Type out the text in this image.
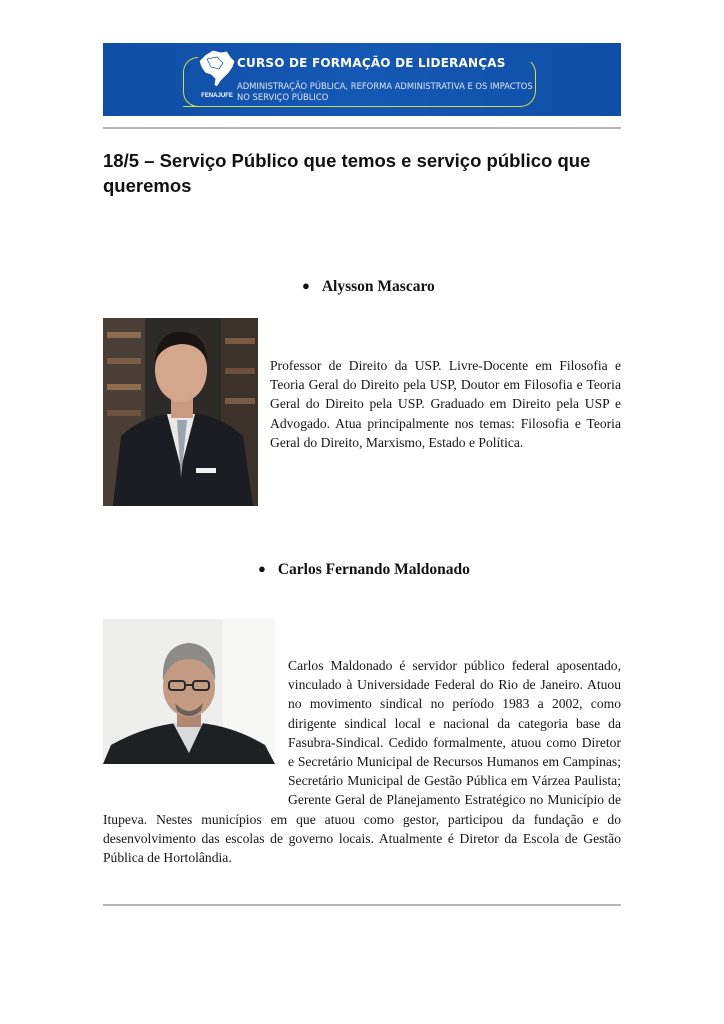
FENAJUFE
CURSO DE FORMAÇÃO DE LIDERANÇAS
ADMINISTRAÇÃO PÚBLICA, REFORMA ADMINISTRATIVA E OS IMPACTOS NO SERVIÇO PÚBLICO
18/5 – Serviço Público que temos e serviço público que queremos
● Alysson Mascaro
Professor de Direito da USP. Livre-Docente em Filosofia e Teoria Geral do Direito pela USP, Doutor em Filosofia e Teoria Geral do Direito pela USP. Graduado em Direito pela USP e Advogado. Atua principalmente nos temas: Filosofia e Teoria Geral do Direito, Marxismo, Estado e Política.
● Carlos Fernando Maldonado
Carlos Maldonado é servidor público federal aposentado, vinculado à Universidade Federal do Rio de Janeiro. Atuou no movimento sindical no período 1983 a 2002, como dirigente sindical local e nacional da categoria base da Fasubra-Sindical. Cedido formalmente, atuou como Diretor e Secretário Municipal de Recursos Humanos em Campinas; Secretário Municipal de Gestão Pública em Várzea Paulista; Gerente Geral de Planejamento Estratégico no Município de Itupeva. Nestes municípios em que atuou como gestor, participou da fundação e do desenvolvimento das escolas de governo locais. Atualmente é Diretor da Escola de Gestão Pública de Hortolândia.
